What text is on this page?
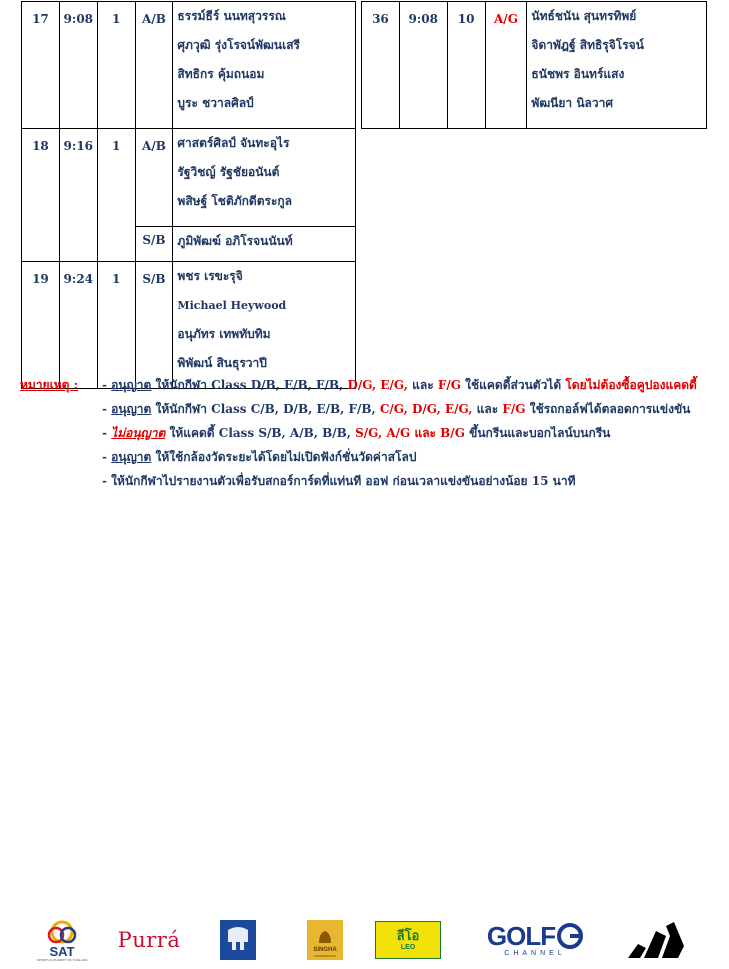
17	9:08	1	A/B	ธรรม์ธีร์ นนทสุวรรณ
ศุภวุฒิ รุ่งโรจน์พัฒนเสรี
สิทธิกร คุ้มถนอม
บูระ ชวาลศิลป์

18	9:16	1	A/B	ศาสตร์ศิลป์ จันทะอุไร
รัฐวิชญ์ รัฐชัยอนันต์
พสิษฐ์ โชติภักดีตระกูล

			S/B	ภูมิพัฒฆ์ อภิโรจนนันท์

19	9:24	1	S/B	พชร เรขะรุจิ
Michael Heywood
อนุภัทร เทพทับทิม
พิพัฒน์ สินธุรวาปี
36	9:08	10	A/G	นัทธ์ชนัน สุนทรทิพย์
จิดาพัฎฐ์ สิทธิรุจิโรจน์
ธนัชพร อินทร์แสง
พัฒนียา นิลวาศ
หมายเหตุ : - อนุญาต ให้นักกีฬา Class D/B, E/B, F/B, D/G, E/G, และ F/G ใช้แคดดี้ส่วนตัวได้ โดยไม่ต้องซื้อคูปองแคดดี้
- อนุญาต ให้นักกีฬา Class C/B, D/B, E/B, F/B, C/G, D/G, E/G, และ F/G ใช้รถกอล์ฟได้ตลอดการแข่งขัน
- ไม่อนุญาต ให้แคดดี้ Class S/B, A/B, B/B, S/G, A/G และ B/G ขึ้นกรีนและบอกไลน์บนกรีน
- อนุญาต ให้ใช้กล้องวัดระยะได้โดยไม่เปิดฟังก์ชั่นวัดค่าสโลป
- ให้นักกีฬาไปรายงานตัวเพื่อรับสกอร์การ์ดที่แท่นที ออฟ ก่อนเวลาแข่งขันอย่างน้อย 15 นาที
SAT
SPORTS AUTHORITY OF THAILAND
Purrá	SINGHA
CORPORATION
ลีโอ
LEO	GOLF
CHANNEL
